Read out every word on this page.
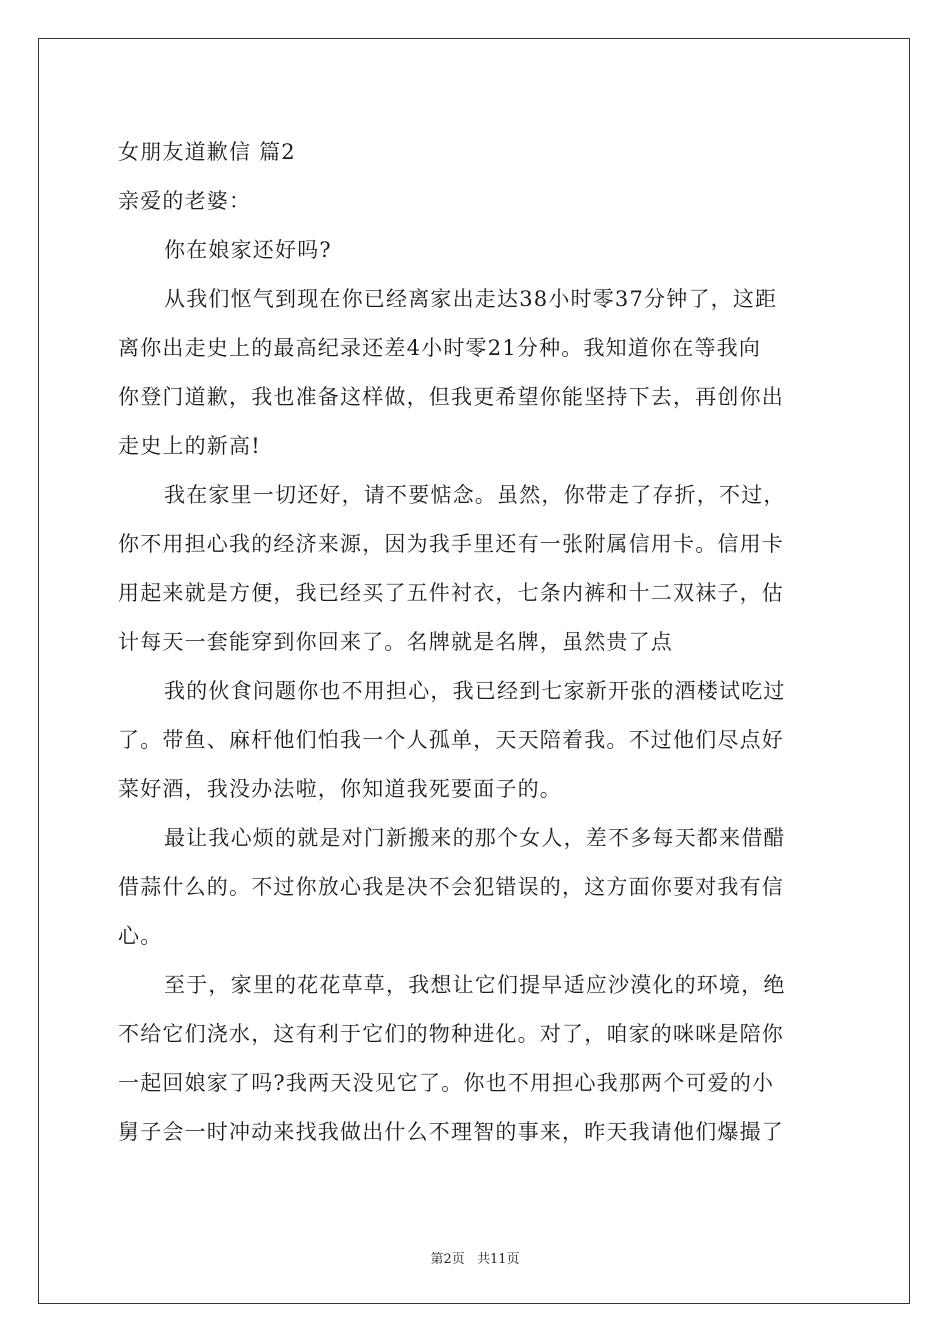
女朋友道歉信 篇2
亲爱的老婆：
你在娘家还好吗?
从我们怄气到现在你已经离家出走达38小时零37分钟了，这距
离你出走史上的最高纪录还差4小时零21分种。我知道你在等我向
你登门道歉，我也准备这样做，但我更希望你能坚持下去，再创你出
走史上的新高!
我在家里一切还好，请不要惦念。虽然，你带走了存折，不过，
你不用担心我的经济来源，因为我手里还有一张附属信用卡。信用卡
用起来就是方便，我已经买了五件衬衣，七条内裤和十二双袜子，估
计每天一套能穿到你回来了。名牌就是名牌，虽然贵了点
我的伙食问题你也不用担心，我已经到七家新开张的酒楼试吃过
了。带鱼、麻杆他们怕我一个人孤单，天天陪着我。不过他们尽点好
菜好酒，我没办法啦，你知道我死要面子的。
最让我心烦的就是对门新搬来的那个女人，差不多每天都来借醋
借蒜什么的。不过你放心我是决不会犯错误的，这方面你要对我有信
心。
至于，家里的花花草草，我想让它们提早适应沙漠化的环境，绝
不给它们浇水，这有利于它们的物种进化。对了，咱家的咪咪是陪你
一起回娘家了吗?我两天没见它了。你也不用担心我那两个可爱的小
舅子会一时冲动来找我做出什么不理智的事来，昨天我请他们爆撮了
第2页 共11页
